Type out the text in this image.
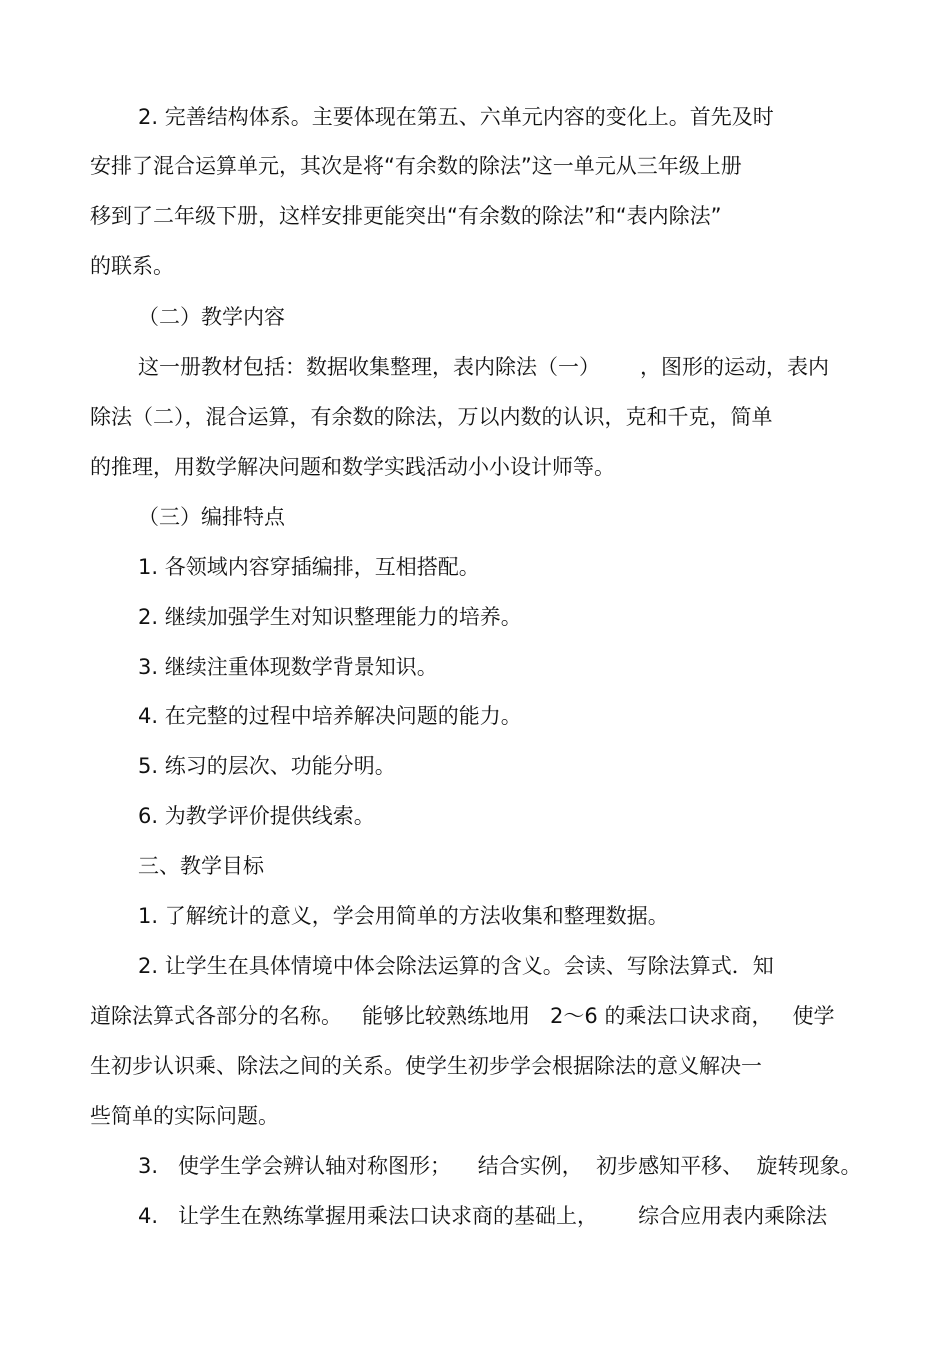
2. 完善结构体系。主要体现在第五、六单元内容的变化上。首先及时

安排了混合运算单元，其次是将“有余数的除法”这一单元从三年级上册

移到了二年级下册，这样安排更能突出“有余数的除法”和“表内除法”

的联系。

（二）教学内容

这一册教材包括：数据收集整理，表内除法（一）      ，图形的运动，表内

除法（二），混合运算，有余数的除法，万以内数的认识，克和千克，简单

的推理，用数学解决问题和数学实践活动小小设计师等。

（三）编排特点

1. 各领域内容穿插编排，互相搭配。

2. 继续加强学生对知识整理能力的培养。

3. 继续注重体现数学背景知识。

4. 在完整的过程中培养解决问题的能力。

5. 练习的层次、功能分明。

6. 为教学评价提供线索。

三、教学目标

1. 了解统计的意义，学会用简单的方法收集和整理数据。

2. 让学生在具体情境中体会除法运算的含义。会读、写除法算式．知

道除法算式各部分的名称。   能够比较熟练地用   2～6 的乘法口诀求商，   使学

生初步认识乘、除法之间的关系。使学生初步学会根据除法的意义解决一

些简单的实际问题。

3.   使学生学会辨认轴对称图形；    结合实例，  初步感知平移、  旋转现象。

4.   让学生在熟练掌握用乘法口诀求商的基础上，      综合应用表内乘除法
